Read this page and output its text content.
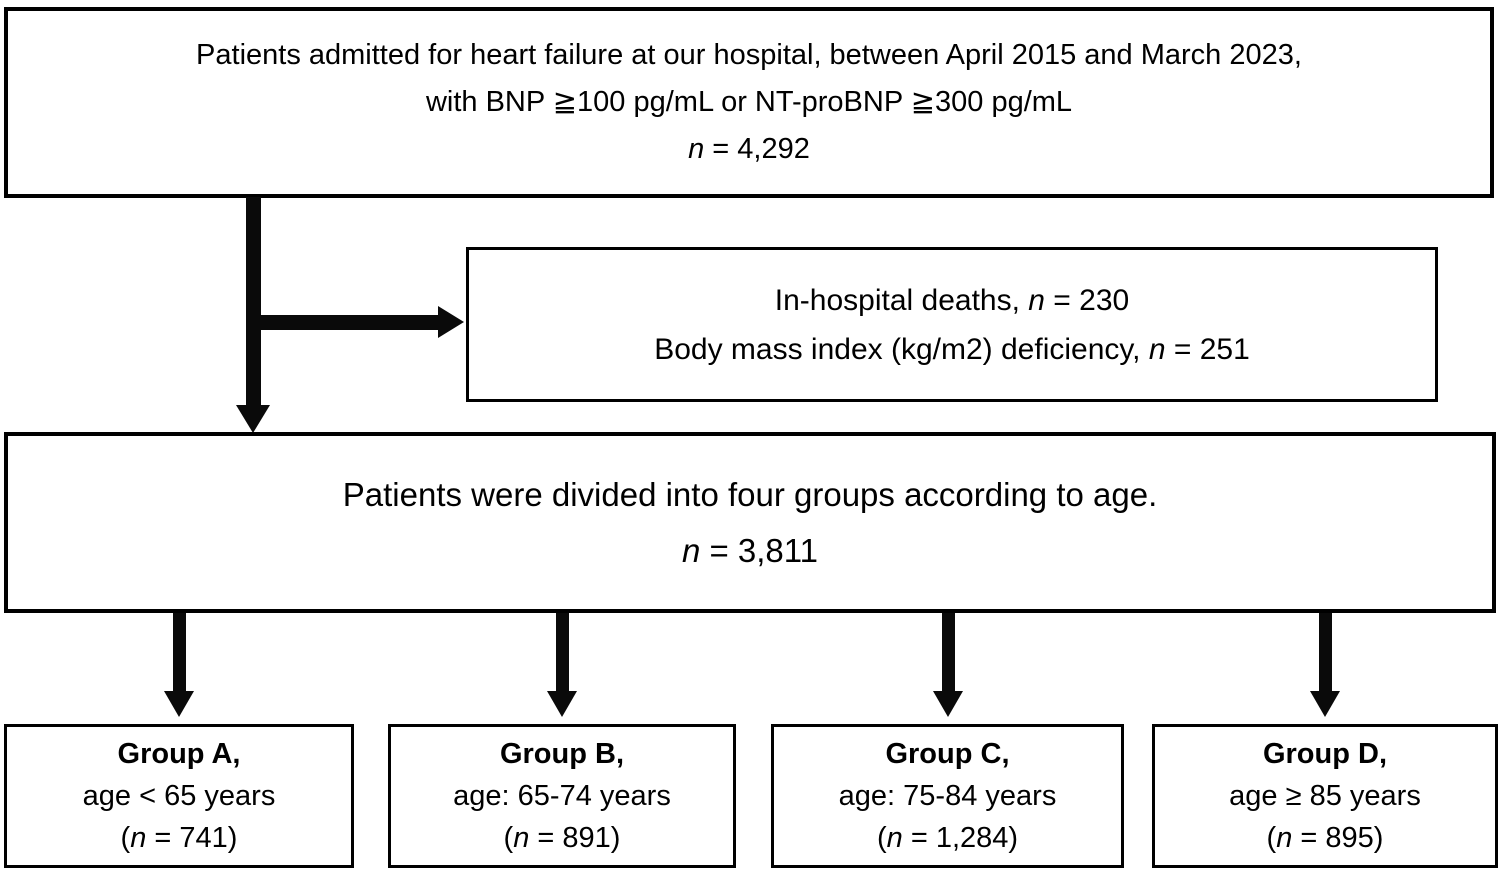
Patients admitted for heart failure at our hospital, between April 2015 and March 2023,
with BNP ≧100 pg/mL or NT-proBNP ≧300 pg/mL
n = 4,292
In-hospital deaths, n = 230
Body mass index (kg/m2) deficiency, n = 251
Patients were divided into four groups according to age.
n = 3,811
Group A,
age < 65 years
(n = 741)
Group B,
age: 65-74 years
(n = 891)
Group C,
age: 75-84 years
(n = 1,284)
Group D,
age ≥ 85 years
(n = 895)
